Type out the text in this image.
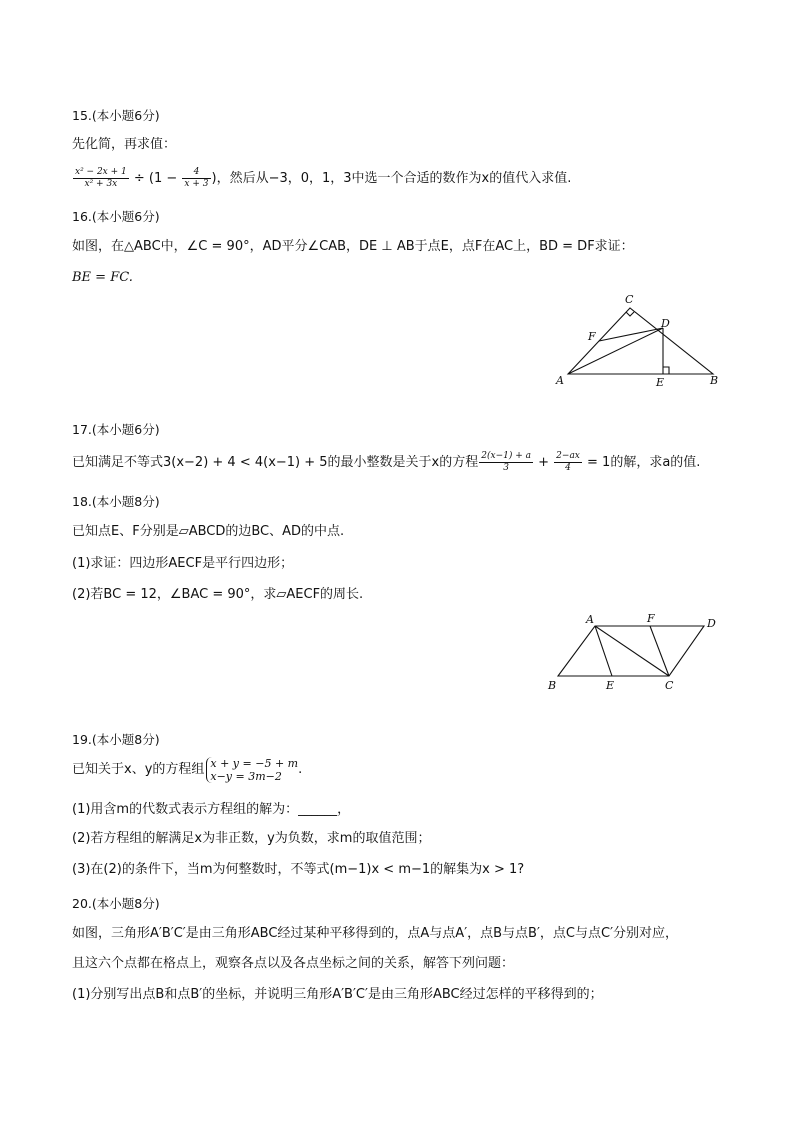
15.(本小题6分)
先化简，再求值：
$\frac{\text{x² − 2x + 1}}{\text{x² + 3x}} \div (1 - \frac{4}{x + 3}$ )，然后从−3，0，1，3中选一个合适的数作为x的值代入求值.
16.(本小题6分)
如图，在△ABC中，∠C = 90°，AD平分∠CAB，DE ⊥ AB于点E，点F在AC上，BD = DF求证：
BE = FC.
A	B
C
D
E
F
17.(本小题6分)
已知满足不等式3(x−2) + 4 < 4(x−1) + 5的最小整数是关于x的方程 $\frac{2(x-1) + a}{3} + \frac{2-ax}{4} = 1$的解，求a的值.
18.(本小题8分)
已知点E、F分别是▱ABCD的边BC、AD的中点.
(1)求证：四边形AECF是平行四边形；
(2)若BC = 12，∠BAC = 90°，求▱AECF的周长.
A
B	C
D
E
F
19.(本小题8分)
已知关于x、y的方程组 x + y = −5 + m
x−y = 3m−2	.
(1)用含m的代数式表示方程组的解为：______，
(2)若方程组的解满足x为非正数，y为负数，求m的取值范围；
(3)在(2)的条件下，当m为何整数时，不等式(m−1)x < m−1的解集为x > 1?
20.(本小题8分)
如图，三角形A′B′C′是由三角形ABC经过某种平移得到的，点A与点A′，点B与点B′，点C与点C′分别对应，
且这六个点都在格点上，观察各点以及各点坐标之间的关系，解答下列问题：
(1)分别写出点B和点B′的坐标，并说明三角形A′B′C′是由三角形ABC经过怎样的平移得到的；
